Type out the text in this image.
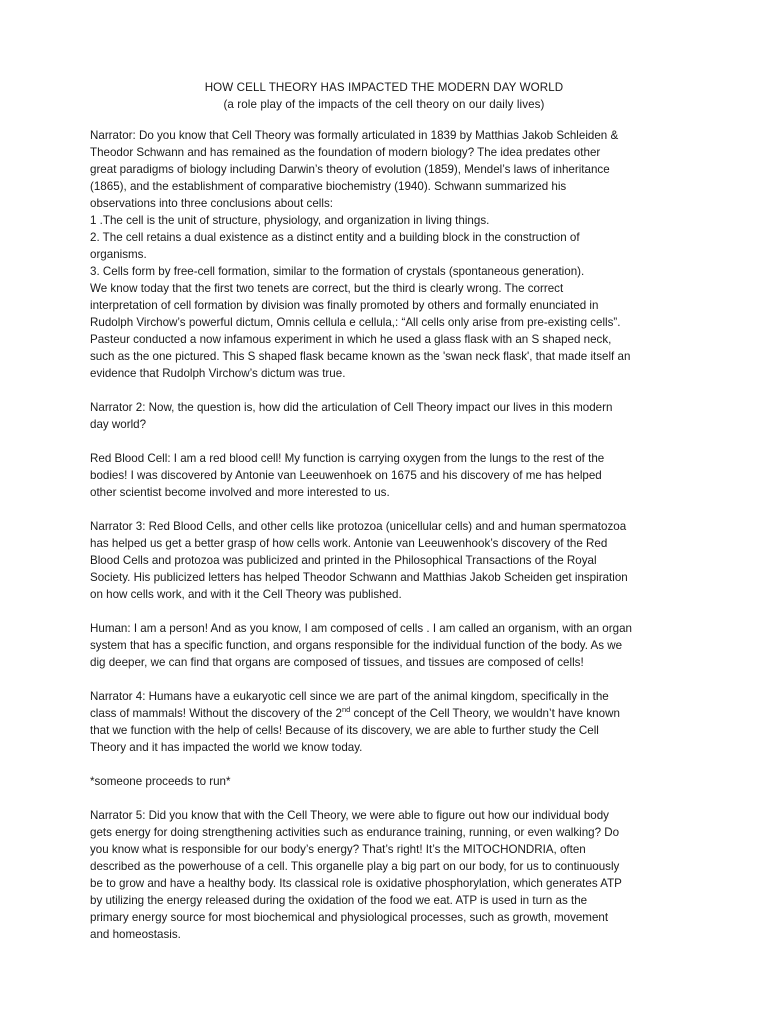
HOW CELL THEORY HAS IMPACTED THE MODERN DAY WORLD
(a role play of the impacts of the cell theory on our daily lives)
Narrator: Do you know that Cell Theory was formally articulated in 1839 by Matthias Jakob Schleiden &
Theodor Schwann and has remained as the foundation of modern biology? The idea predates other
great paradigms of biology including Darwin’s theory of evolution (1859), Mendel’s laws of inheritance
(1865), and the establishment of comparative biochemistry (1940). Schwann summarized his
observations into three conclusions about cells:
1 .The cell is the unit of structure, physiology, and organization in living things.
2. The cell retains a dual existence as a distinct entity and a building block in the construction of
organisms.
3. Cells form by free-cell formation, similar to the formation of crystals (spontaneous generation).
We know today that the first two tenets are correct, but the third is clearly wrong. The correct
interpretation of cell formation by division was finally promoted by others and formally enunciated in
Rudolph Virchow’s powerful dictum, Omnis cellula e cellula,: “All cells only arise from pre-existing cells”.
Pasteur conducted a now infamous experiment in which he used a glass flask with an S shaped neck,
such as the one pictured. This S shaped flask became known as the 'swan neck flask', that made itself an
evidence that Rudolph Virchow’s dictum was true.
Narrator 2: Now, the question is, how did the articulation of Cell Theory impact our lives in this modern
day world?
Red Blood Cell: I am a red blood cell! My function is carrying oxygen from the lungs to the rest of the
bodies! I was discovered by Antonie van Leeuwenhoek on 1675 and his discovery of me has helped
other scientist become involved and more interested to us.
Narrator 3: Red Blood Cells, and other cells like protozoa (unicellular cells) and and human spermatozoa
has helped us get a better grasp of how cells work. Antonie van Leeuwenhook’s discovery of the Red
Blood Cells and protozoa was publicized and printed in the Philosophical Transactions of the Royal
Society. His publicized letters has helped Theodor Schwann and Matthias Jakob Scheiden get inspiration
on how cells work, and with it the Cell Theory was published.
Human: I am a person! And as you know, I am composed of cells . I am called an organism, with an organ
system that has a specific function, and organs responsible for the individual function of the body. As we
dig deeper, we can find that organs are composed of tissues, and tissues are composed of cells!
Narrator 4: Humans have a eukaryotic cell since we are part of the animal kingdom, specifically in the
class of mammals! Without the discovery of the 2nd concept of the Cell Theory, we wouldn’t have known
that we function with the help of cells! Because of its discovery, we are able to further study the Cell
Theory and it has impacted the world we know today.
*someone proceeds to run*
Narrator 5: Did you know that with the Cell Theory, we were able to figure out how our individual body
gets energy for doing strengthening activities such as endurance training, running, or even walking? Do
you know what is responsible for our body’s energy? That’s right! It’s the MITOCHONDRIA, often
described as the powerhouse of a cell. This organelle play a big part on our body, for us to continuously
be to grow and have a healthy body. Its classical role is oxidative phosphorylation, which generates ATP
by utilizing the energy released during the oxidation of the food we eat. ATP is used in turn as the
primary energy source for most biochemical and physiological processes, such as growth, movement
and homeostasis.
